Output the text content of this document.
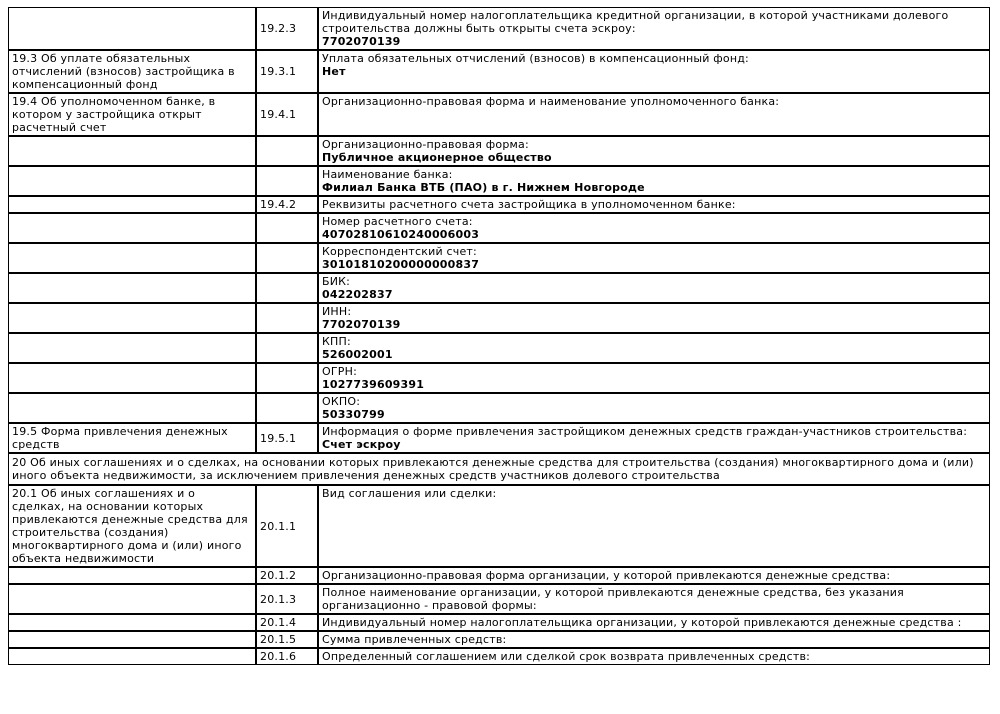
	19.2.3	Индивидуальный номер налогоплательщика кредитной организации, в которой участниками долевого строительства должны быть открыты счета эскроу:
7702070139

19.3 Об уплате обязательных отчислений (взносов) застройщика в компенсационный фонд	19.3.1	Уплата обязательных отчислений (взносов) в компенсационный фонд:
Нет

19.4 Об уполномоченном банке, в котором у застройщика открыт расчетный счет	19.4.1	Организационно-правовая форма и наименование уполномоченного банка:

		Организационно-правовая форма:
Публичное акционерное общество

		Наименование банка:
Филиал Банка ВТБ (ПАО) в г. Нижнем Новгороде

	19.4.2	Реквизиты расчетного счета застройщика в уполномоченном банке:

		Номер расчетного счета:
40702810610240006003

		Корреспондентский счет:
30101810200000000837

		БИК:
042202837

		ИНН:
7702070139

		КПП:
526002001

		ОГРН:
1027739609391

		ОКПО:
50330799

19.5 Форма привлечения денежных средств	19.5.1	Информация о форме привлечения застройщиком денежных средств граждан-участников строительства:
Счет эскроу

20 Об иных соглашениях и о сделках, на основании которых привлекаются денежные средства для строительства (создания) многоквартирного дома и (или) иного объекта недвижимости, за исключением привлечения денежных средств участников долевого строительства		
20.1 Об иных соглашениях и о сделках, на основании которых привлекаются денежные средства для строительства (создания) многоквартирного дома и (или) иного объекта недвижимости	20.1.1	Вид соглашения или сделки:

	20.1.2	Организационно-правовая форма организации, у которой привлекаются денежные средства:

	20.1.3	Полное наименование организации, у которой привлекаются денежные средства, без указания организационно - правовой формы:

	20.1.4	Индивидуальный номер налогоплательщика организации, у которой привлекаются денежные средства :

	20.1.5	Сумма привлеченных средств:

	20.1.6	Определенный соглашением или сделкой срок возврата привлеченных средств:
